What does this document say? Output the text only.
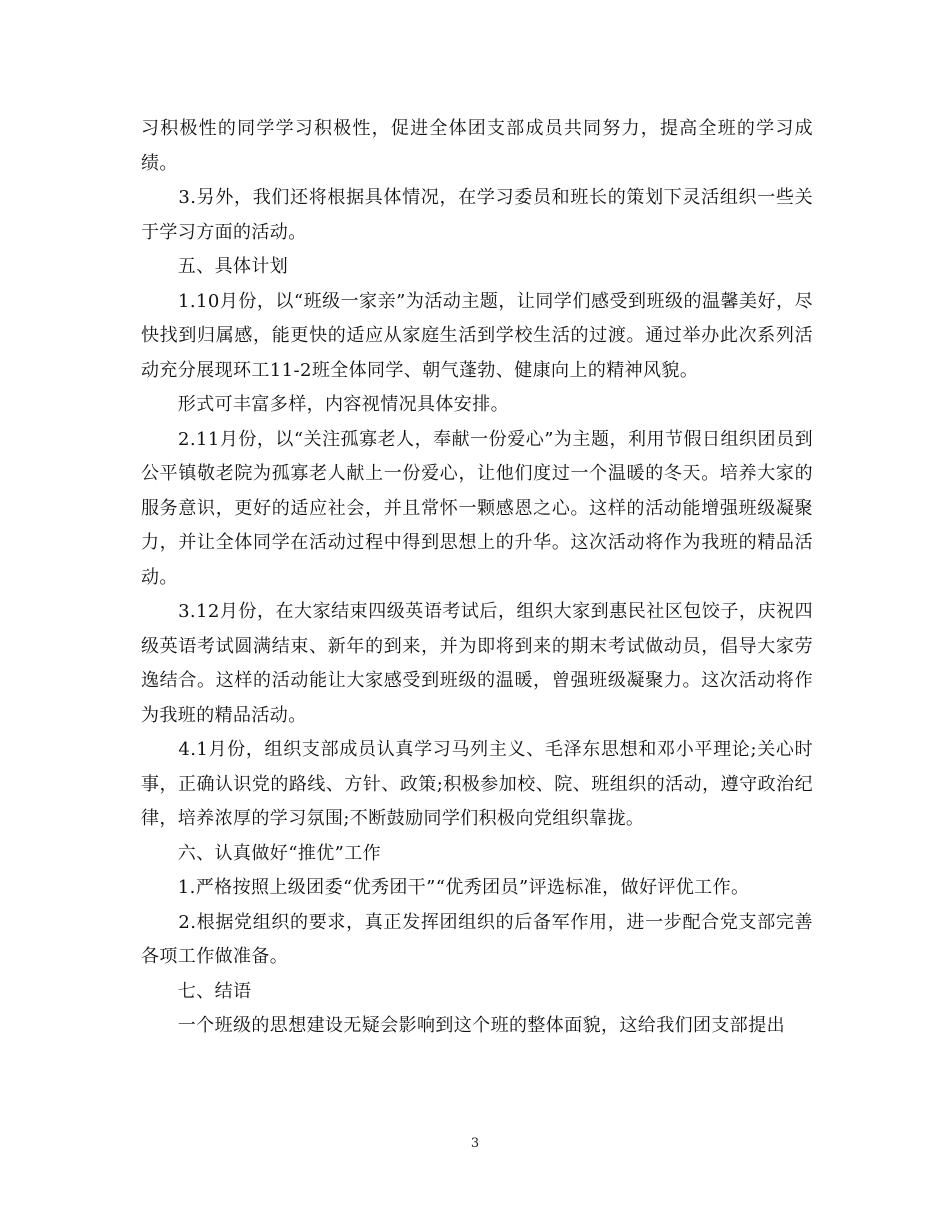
习积极性的同学学习积极性，促进全体团支部成员共同努力，提高全班的学习成绩。

　　3.另外，我们还将根据具体情况，在学习委员和班长的策划下灵活组织一些关于学习方面的活动。

　　五、具体计划

　　1.10月份，以“班级一家亲”为活动主题，让同学们感受到班级的温馨美好，尽快找到归属感，能更快的适应从家庭生活到学校生活的过渡。通过举办此次系列活动充分展现环工11-2班全体同学、朝气蓬勃、健康向上的精神风貌。

　　形式可丰富多样，内容视情况具体安排。

　　2.11月份，以“关注孤寡老人，奉献一份爱心”为主题，利用节假日组织团员到公平镇敬老院为孤寡老人献上一份爱心，让他们度过一个温暖的冬天。培养大家的服务意识，更好的适应社会，并且常怀一颗感恩之心。这样的活动能增强班级凝聚力，并让全体同学在活动过程中得到思想上的升华。这次活动将作为我班的精品活动。

　　3.12月份，在大家结束四级英语考试后，组织大家到惠民社区包饺子，庆祝四级英语考试圆满结束、新年的到来，并为即将到来的期末考试做动员，倡导大家劳逸结合。这样的活动能让大家感受到班级的温暖，曾强班级凝聚力。这次活动将作为我班的精品活动。

　　4.1月份，组织支部成员认真学习马列主义、毛泽东思想和邓小平理论;关心时事，正确认识党的路线、方针、政策;积极参加校、院、班组织的活动，遵守政治纪律，培养浓厚的学习氛围;不断鼓励同学们积极向党组织靠拢。

　　六、认真做好“推优”工作

　　1.严格按照上级团委“优秀团干”“优秀团员”评选标准，做好评优工作。

　　2.根据党组织的要求，真正发挥团组织的后备军作用，进一步配合党支部完善各项工作做准备。

　　七、结语

　　一个班级的思想建设无疑会影响到这个班的整体面貌，这给我们团支部提出

3
